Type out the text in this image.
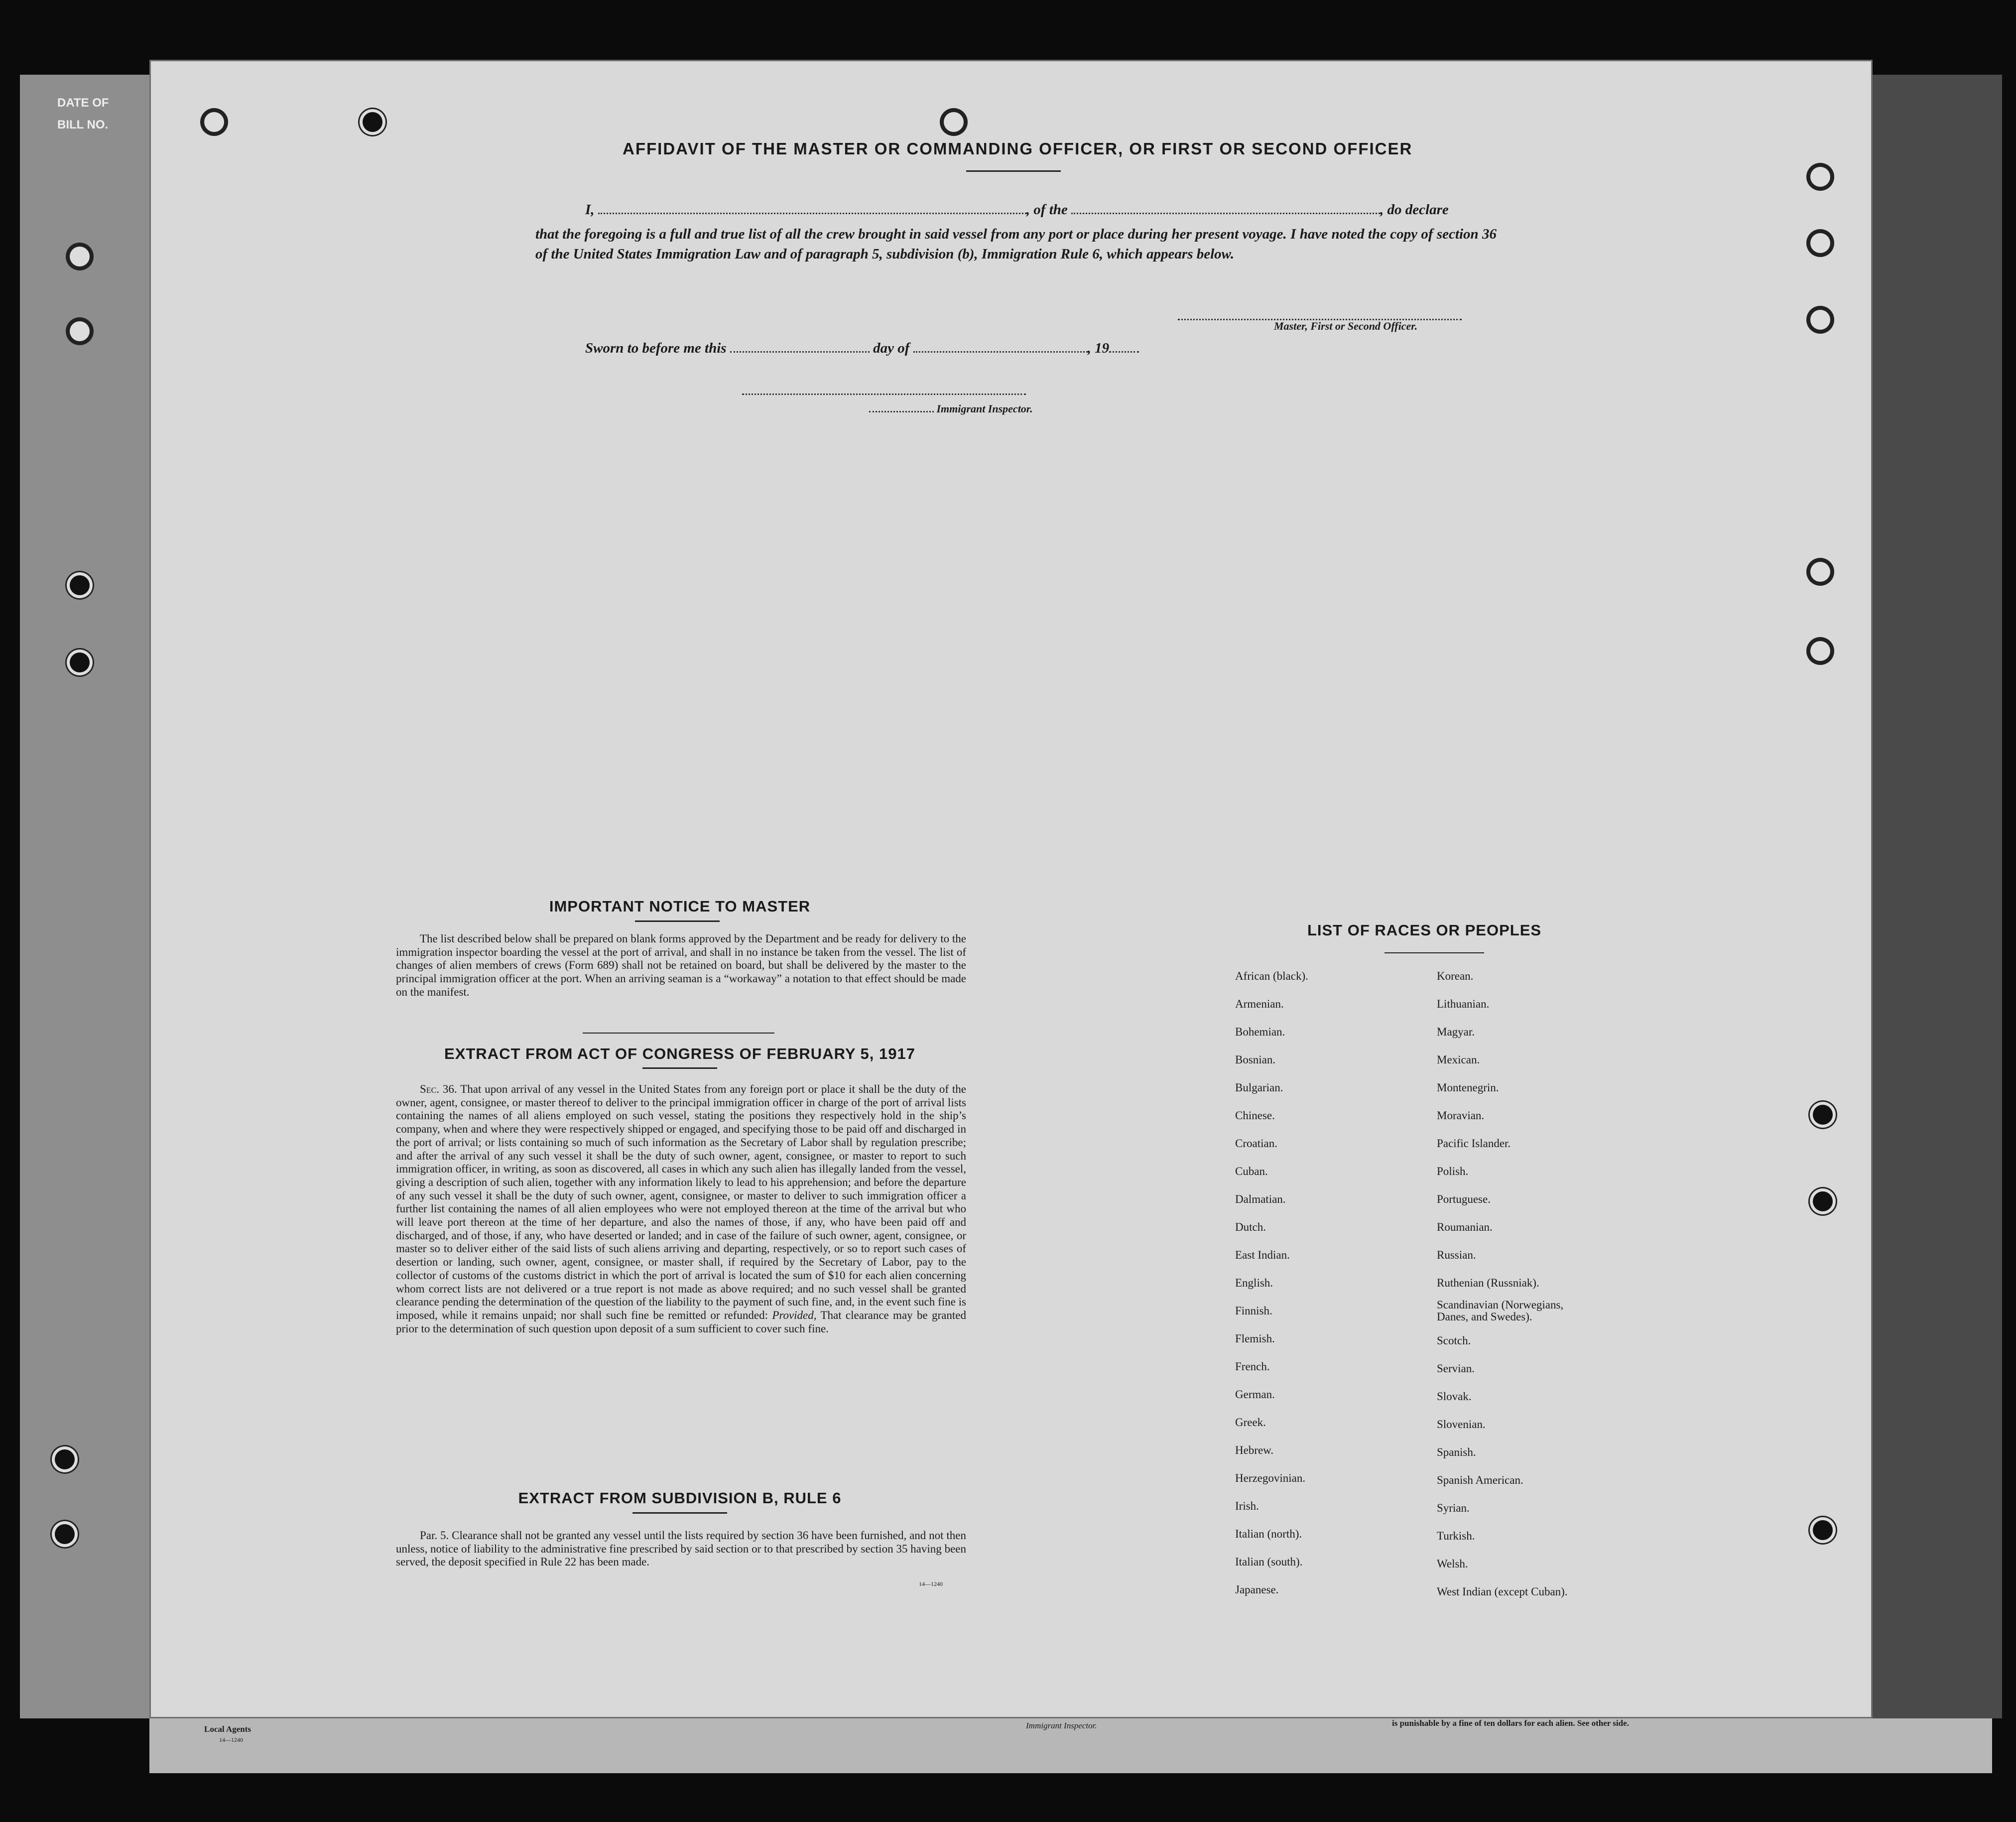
DATE OF
BILL NO.
AFFIDAVIT OF THE MASTER OR COMMANDING OFFICER, OR FIRST OR SECOND OFFICER
I,	, of the	, do declare
that the foregoing is a full and true list of all the crew brought in said vessel from any port or place during her present voyage. I have noted the copy of section 36 of the United States Immigration Law and of paragraph 5, subdivision (b), Immigration Rule 6, which appears below.
Master, First or Second Officer.
Sworn to before me this	day of	, 19
Immigrant Inspector.
IMPORTANT NOTICE TO MASTER
The list described below shall be prepared on blank forms approved by the Department and be ready for delivery to the immigration inspector boarding the vessel at the port of arrival, and shall in no instance be taken from the vessel. The list of changes of alien members of crews (Form 689) shall not be retained on board, but shall be delivered by the master to the principal immigration officer at the port. When an arriving seaman is a “workaway” a notation to that effect should be made on the manifest.
EXTRACT FROM ACT OF CONGRESS OF FEBRUARY 5, 1917
Sec. 36. That upon arrival of any vessel in the United States from any foreign port or place it shall be the duty of the owner, agent, consignee, or master thereof to deliver to the principal immigration officer in charge of the port of arrival lists containing the names of all aliens employed on such vessel, stating the positions they respectively hold in the ship’s company, when and where they were respectively shipped or engaged, and specifying those to be paid off and discharged in the port of arrival; or lists containing so much of such information as the Secretary of Labor shall by regulation prescribe; and after the arrival of any such vessel it shall be the duty of such owner, agent, consignee, or master to report to such immigration officer, in writing, as soon as discovered, all cases in which any such alien has illegally landed from the vessel, giving a description of such alien, together with any information likely to lead to his apprehension; and before the departure of any such vessel it shall be the duty of such owner, agent, consignee, or master to deliver to such immigration officer a further list containing the names of all alien employees who were not employed thereon at the time of the arrival but who will leave port thereon at the time of her departure, and also the names of those, if any, who have been paid off and discharged, and of those, if any, who have deserted or landed; and in case of the failure of such owner, agent, consignee, or master so to deliver either of the said lists of such aliens arriving and departing, respectively, or so to report such cases of desertion or landing, such owner, agent, consignee, or master shall, if required by the Secretary of Labor, pay to the collector of customs of the customs district in which the port of arrival is located the sum of $10 for each alien concerning whom correct lists are not delivered or a true report is not made as above required; and no such vessel shall be granted clearance pending the determination of the question of the liability to the payment of such fine, and, in the event such fine is imposed, while it remains unpaid; nor shall such fine be remitted or refunded: Provided, That clearance may be granted prior to the determination of such question upon deposit of a sum sufficient to cover such fine.
EXTRACT FROM SUBDIVISION B, RULE 6
Par. 5. Clearance shall not be granted any vessel until the lists required by section 36 have been furnished, and not then unless, notice of liability to the administrative fine prescribed by said section or to that prescribed by section 35 having been served, the deposit specified in Rule 22 has been made.
14—1240
LIST OF RACES OR PEOPLES
African (black).
Armenian.
Bohemian.
Bosnian.
Bulgarian.
Chinese.
Croatian.
Cuban.
Dalmatian.
Dutch.
East Indian.
English.
Finnish.
Flemish.
French.
German.
Greek.
Hebrew.
Herzegovinian.
Irish.
Italian (north).
Italian (south).
Japanese.
Korean.
Lithuanian.
Magyar.
Mexican.
Montenegrin.
Moravian.
Pacific Islander.
Polish.
Portuguese.
Roumanian.
Russian.
Ruthenian (Russniak).
Scandinavian (Norwegians, Danes, and Swedes).
Scotch.
Servian.
Slovak.
Slovenian.
Spanish.
Spanish American.
Syrian.
Turkish.
Welsh.
West Indian (except Cuban).
Local Agents
14—1240
Immigrant Inspector.	is punishable by a fine of ten dollars for each alien. See other side.
